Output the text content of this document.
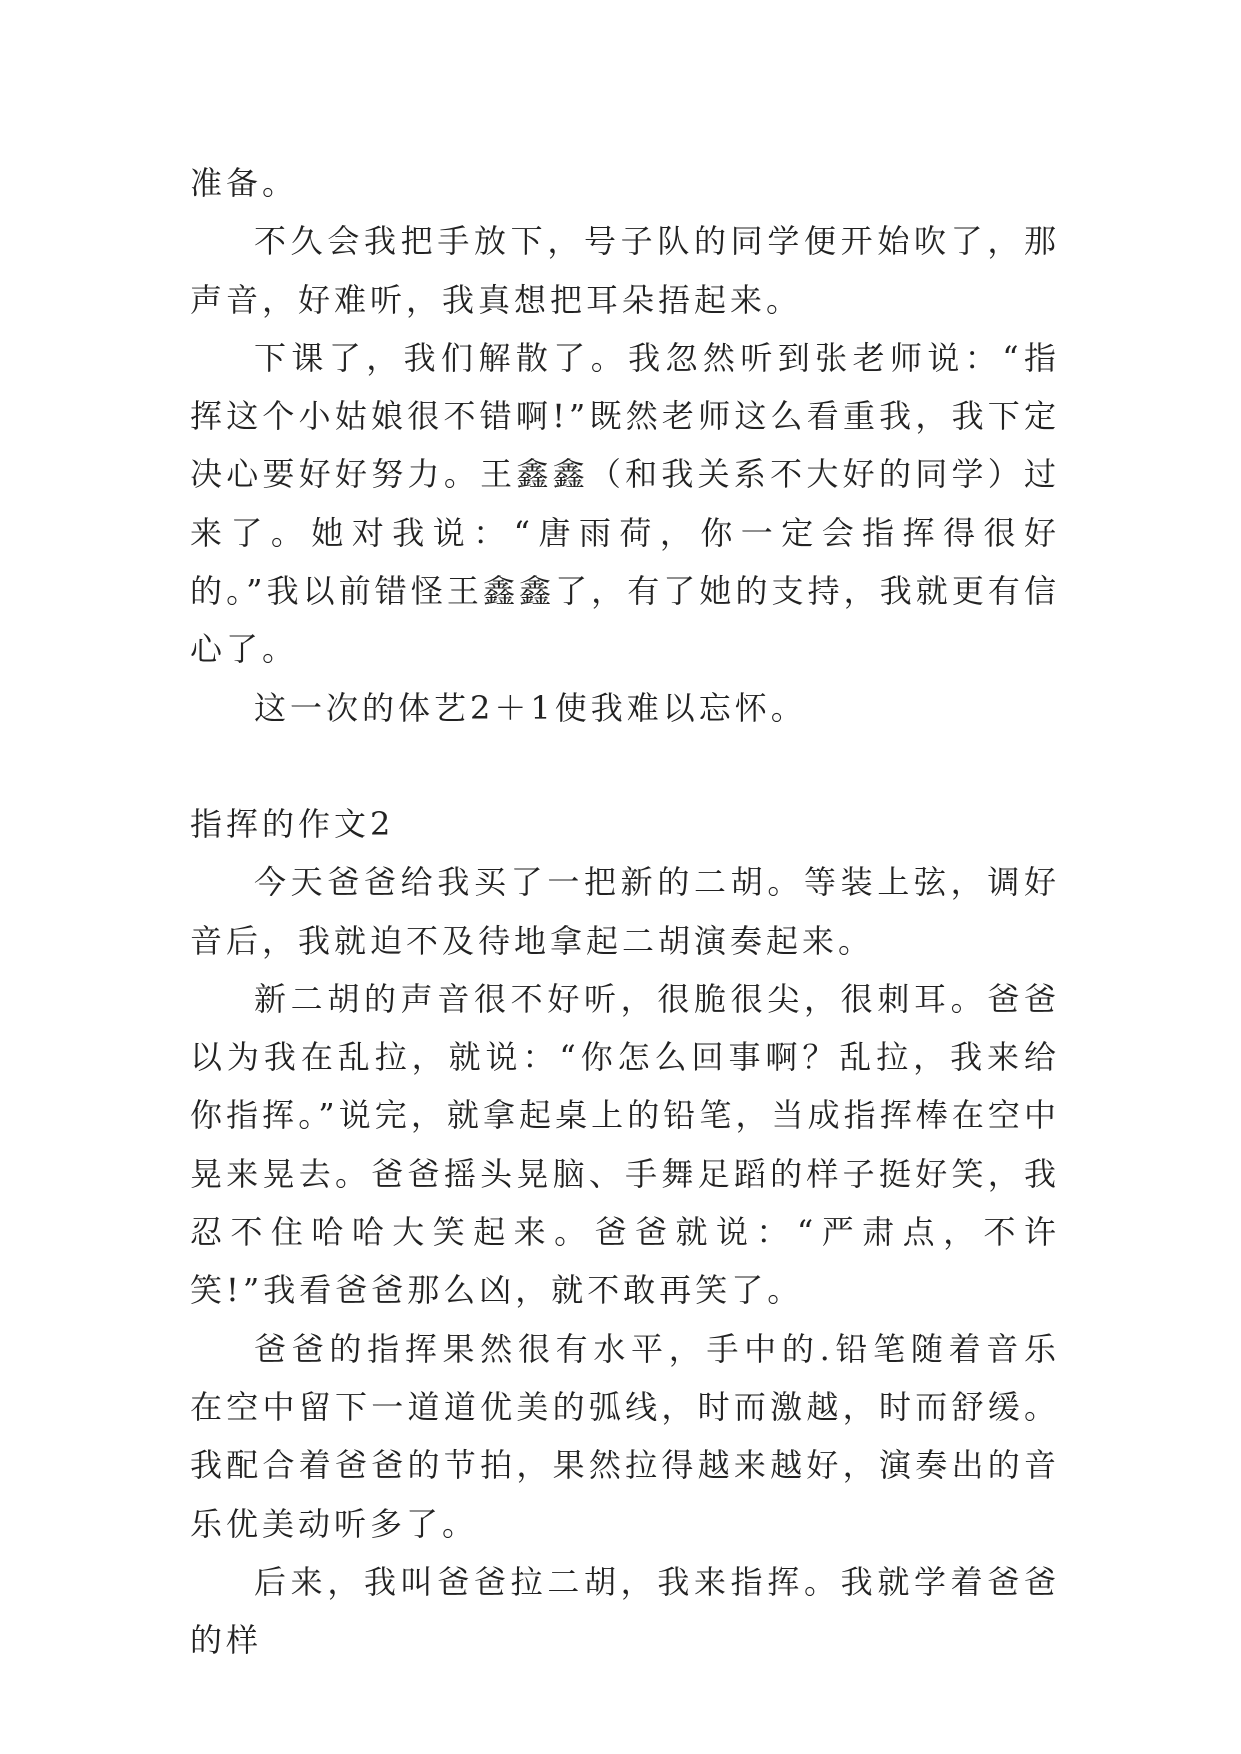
准备。

不久会我把手放下，号子队的同学便开始吹了，那声音，好难听，我真想把耳朵捂起来。

下课了，我们解散了。我忽然听到张老师说：“指挥这个小姑娘很不错啊!”既然老师这么看重我，我下定决心要好好努力。王鑫鑫（和我关系不大好的同学）过来了。她对我说：“唐雨荷，你一定会指挥得很好的。”我以前错怪王鑫鑫了，有了她的支持，我就更有信心了。

这一次的体艺2＋1使我难以忘怀。

指挥的作文2

今天爸爸给我买了一把新的二胡。等装上弦，调好音后，我就迫不及待地拿起二胡演奏起来。

新二胡的声音很不好听，很脆很尖，很刺耳。爸爸以为我在乱拉，就说：“你怎么回事啊？乱拉，我来给你指挥。”说完，就拿起桌上的铅笔，当成指挥棒在空中晃来晃去。爸爸摇头晃脑、手舞足蹈的样子挺好笑，我忍不住哈哈大笑起来。爸爸就说：“严肃点，不许笑!”我看爸爸那么凶，就不敢再笑了。

爸爸的指挥果然很有水平，手中的.铅笔随着音乐在空中留下一道道优美的弧线，时而激越，时而舒缓。我配合着爸爸的节拍，果然拉得越来越好，演奏出的音乐优美动听多了。

后来，我叫爸爸拉二胡，我来指挥。我就学着爸爸的样
